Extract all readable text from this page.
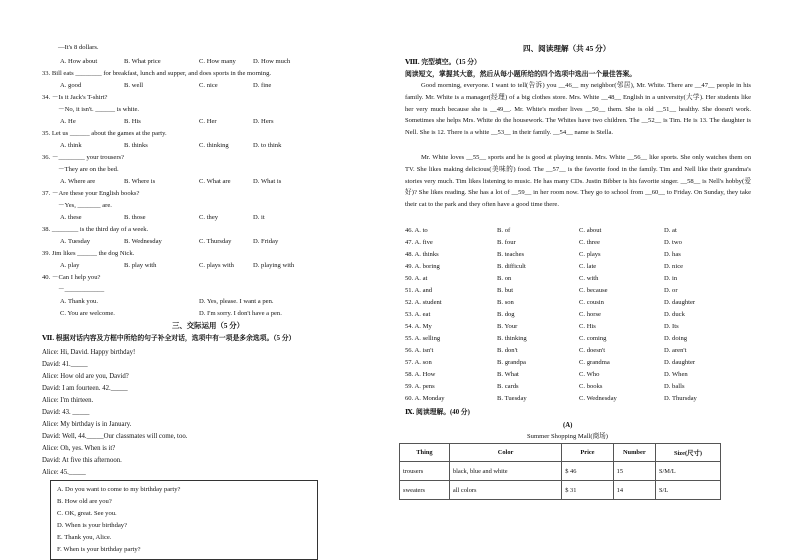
—It's 8 dollars.
A. How about	B. What price	C. How many	D. How much
33. Bill eats ________ for breakfast, lunch and supper, and does sports in the morning.
A. good	B. well	C. nice	D. fine
34. －Is it Jack's T-shirt?
－No, it isn't. ______ is white.
A. He	B. His	C. Her	D. Hers
35. Let us ______ about the games at the party.
A. think	B. thinks	C. thinking	D. to think
36. －________ your trousers?
－They are on the bed.
A. Where are	B. Where is	C. What are	D. What is
37. －Are these your English books?
－Yes, _______ are.
A. these	B. those	C. they	D. it
38. ________ is the third day of a week.
A. Tuesday	B. Wednesday	C. Thursday	D. Friday
39. Jim likes ______ the dog Nick.
A. play	B. play with	C. plays with	D. playing with
40. －Can I help you?
－____________
A. Thank you.	D. Yes, please. I want a pen.
C. You are welcome.	D. I'm sorry. I don't have a pen.
三、交际运用（5 分）
Ⅶ. 根据对话内容及方框中所给的句子补全对话，选项中有一项是多余选项。（5 分）
Alice: Hi, David. Happy birthday!
David: 41._____
Alice: How old are you, David?
David: I am fourteen. 42._____
Alice: I'm thirteen.
David: 43. _____
Alice: My birthday is in January.
David: Well, 44._____Our classmates will come, too.
Alice: Oh, yes. When is it?
David: At five this afternoon.
Alice: 45._____
A. Do you want to come to my birthday party?
B. How old are you?
C. OK, great. See you.
D. When is your birthday?
E. Thank you, Alice.
F. When is your birthday party?
四、阅读理解（共 45 分）
Ⅷ. 完型填空。（15 分）
阅读短文，掌握其大意，然后从每小题所给的四个选项中选出一个最佳答案。
Good morning, everyone. I want to tell(告诉) you __46__ my neighbor(邻居), Mr. White. There are __47__ people in his family. Mr. White is a manager(经理) of a big clothes store. Mrs. White __48__ English in a university(大学). Her students like her very much because she is __49__. Mr. White's mother lives __50__ them. She is old __51__ healthy. She doesn't work. Sometimes she helps Mrs. White do the housework. The Whites have two children. The __52__ is Tim. He is 13. The daughter is Nell. She is 12. There is a white __53__ in their family. __54__ name is Stella.
Mr. White loves __55__ sports and he is good at playing tennis. Mrs. White __56__ like sports. She only watches them on TV. She likes making delicious(美味的) food. The __57__ is the favorite food in the family. Tim and Nell like their grandma's stories very much. Tim likes listening to music. He has many CDs. Justin Bibber is his favorite singer. __58__ is Nell's hobby(爱好)? She likes reading. She has a lot of __59__ in her room now. They go to school from __60__ to Friday. On Sunday, they take their cat to the park and they often have a good time there.
46. A. to	B. of	C. about	D. at
47. A. five	B. four	C. three	D. two
48. A. thinks	B. teaches	C. plays	D. has
49. A. boring	B. difficult	C. late	D. nice
50. A. at	B. on	C. with	D. in
51. A. and	B. but	C. because	D. or
52. A. student	B. son	C. cousin	D. daughter
53. A. eat	B. dog	C. horse	D. duck
54. A. My	B. Your	C. His	D. Its
55. A. selling	B. thinking	C. coming	D. doing
56. A. isn't	B. don't	C. doesn't	D. aren't
57. A. son	B. grandpa	C. grandma	D. daughter
58. A. How	B. What	C. Who	D. When
59. A. pens	B. cards	C. books	D. balls
60. A. Monday	B. Tuesday	C. Wednesday	D. Thursday
Ⅸ. 阅读理解。(40 分)
(A)
Summer Shopping Mall(商场)
Thing	Color	Price	Number	Size(尺寸)
trousers	black, blue and white	$ 46	15	S/M/L
sweaters	all colors	$ 31	14	S/L
